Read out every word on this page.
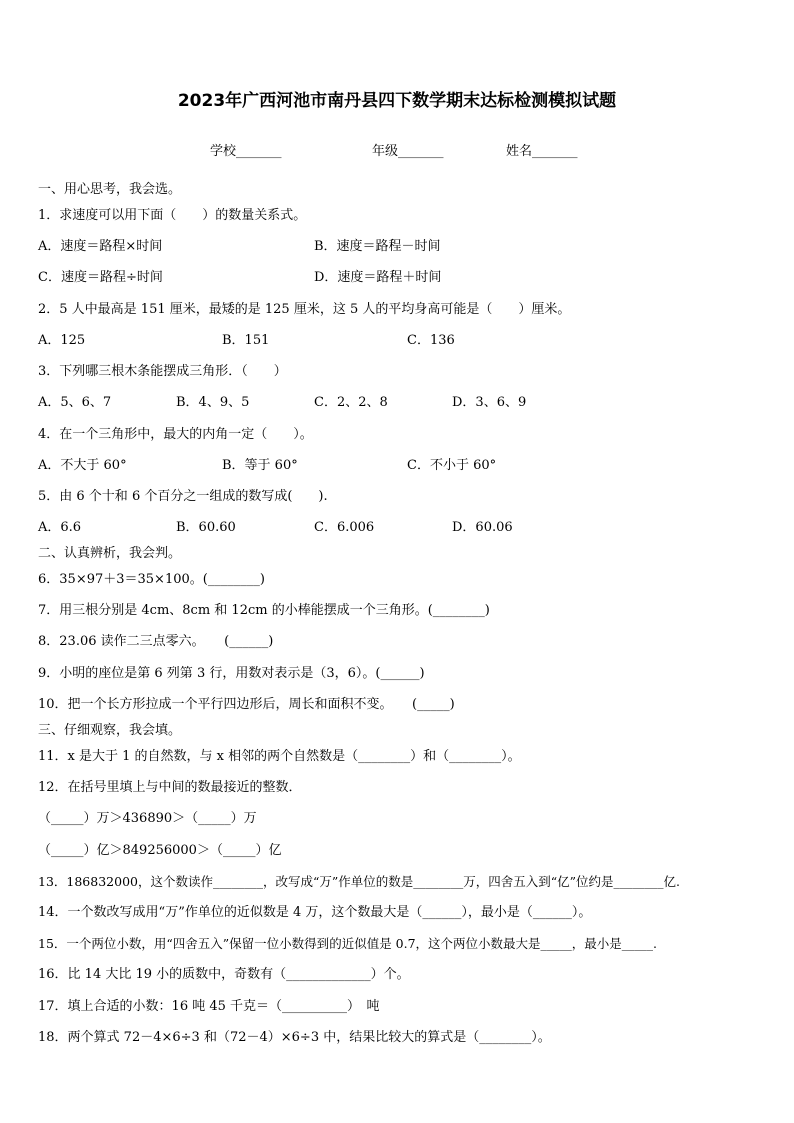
2023年广西河池市南丹县四下数学期末达标检测模拟试题
学校_______	年级_______	姓名_______
一、用心思考，我会选。
1．求速度可以用下面（　　）的数量关系式。
A．速度＝路程×时间	B．速度＝路程－时间
C．速度＝路程÷时间	D．速度＝路程＋时间
2．5 人中最高是 151 厘米，最矮的是 125 厘米，这 5 人的平均身高可能是（　　）厘米。
A．125	B．151	C．136
3．下列哪三根木条能摆成三角形．（　　）
A．5、6、7	B．4、9、5	C．2、2、8	D．3、6、9
4．在一个三角形中，最大的内角一定（　　）。
A．不大于 60°	B．等于 60°	C．不小于 60°
5．由 6 个十和 6 个百分之一组成的数写成(　　).
A．6.6	B．60.60	C．6.006	D．60.06
二、认真辨析，我会判。
6．35×97＋3＝35×100。(________)
7．用三根分别是 4cm、8cm 和 12cm 的小棒能摆成一个三角形。(________)
8．23.06 读作二三点零六。　　(______)
9．小明的座位是第 6 列第 3 行，用数对表示是（3，6）。(______)
10．把一个长方形拉成一个平行四边形后，周长和面积不变。　　(_____)
三、仔细观察，我会填。
11．x 是大于 1 的自然数，与 x 相邻的两个自然数是（________）和（________）。
12．在括号里填上与中间的数最接近的整数．
（_____）万＞436890＞（_____）万
（_____）亿＞849256000＞（_____）亿
13．186832000，这个数读作________，改写成“万”作单位的数是________万，四舍五入到“亿”位约是________亿.
14．一个数改写成用“万”作单位的近似数是 4 万，这个数最大是（______），最小是（______）。
15．一个两位小数，用“四舍五入”保留一位小数得到的近似值是 0.7，这个两位小数最大是_____，最小是_____.
16．比 14 大比 19 小的质数中，奇数有（_____________）个。
17．填上合适的小数：16 吨 45 千克＝（__________）　吨
18．两个算式 72－4×6÷3 和（72－4）×6÷3 中，结果比较大的算式是（________）。
